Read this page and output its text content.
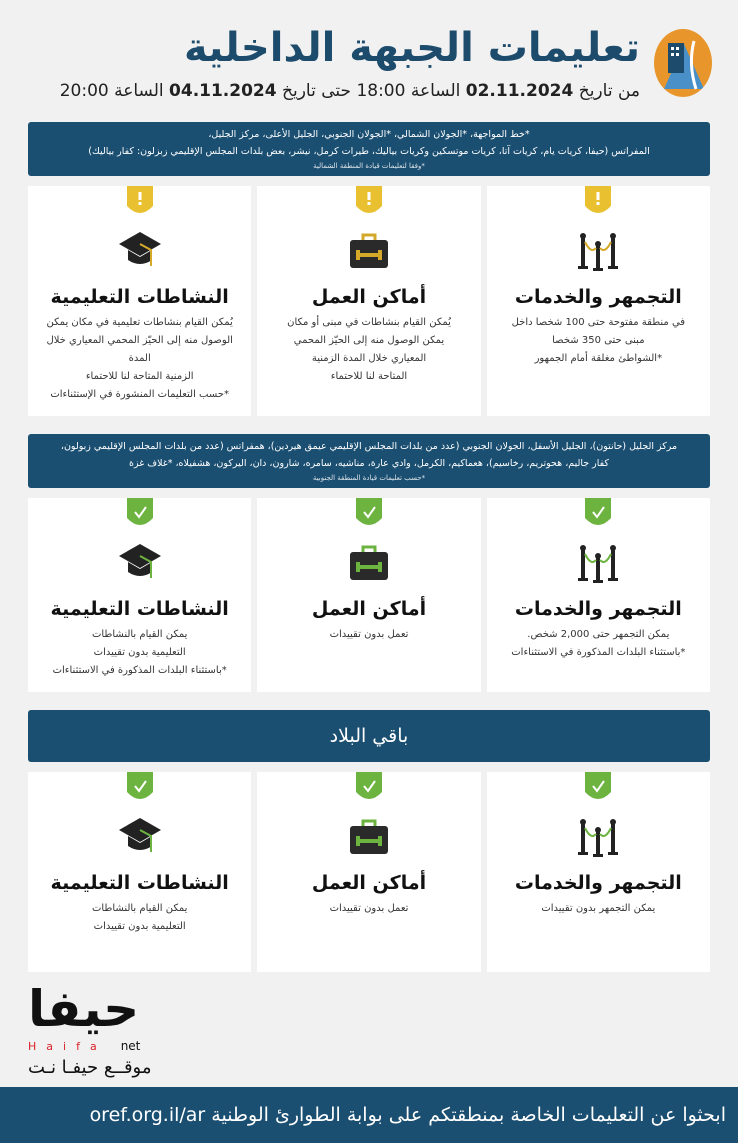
تعليمات الجبهة الداخلية
من تاريخ 02.11.2024 الساعة 18:00 حتى تاريخ 04.11.2024 الساعة 20:00
*خط المواجهة، *الجولان الشمالي، *الجولان الجنوبي، الجليل الأعلى، مركز الجليل،
المفراتس (حيفا، كريات يام، كريات آتا، كريات موتسكين وكريات بياليك، طيرات كرمل، نيشر، بعض بلدات المجلس الإقليمي زبزلون: كفار بياليك)
*وفقا لتعليمات قيادة المنطقة الشمالية
التجمهر والخدمات
في منطقة مفتوحة حتى 100 شخصا داخل
مبنى حتى 350 شخصا
*الشواطئ مغلقة أمام الجمهور
أماكن العمل
يُمكن القيام بنشاطات في مبنى أو مكان
يمكن الوصول منه إلى الحيّز المحمي
المعياري خلال المدة الزمنية
المتاحة لنا للاحتماء
النشاطات التعليمية
يُمكن القيام بنشاطات تعليمية في مكان يمكن
الوصول منه إلى الحيّز المحمي المعياري خلال المدة
الزمنية المتاحة لنا للاحتماء
*حسب التعليمات المنشورة في الإستثناءات
مركز الجليل (حانتون)، الجليل الأسفل، الجولان الجنوبي (عدد من بلدات المجلس الإقليمي عيمق هيردين)، همفراتس (عدد من بلدات المجلس الإقليمي زبولون،
كفار جاليم، هحوتريم، رخاسيم)، هعماكيم، الكرمل، وادي عارة، مناشيه، سامره، شارون، دان، اليركون، هشفيلاه، *غلاف غزة
*حسب تعليمات قيادة المنطقة الجنوبية
التجمهر والخدمات
يمكن التجمهر حتى 2,000 شخص.
*باستثناء البلدات المذكورة في الاستثناءات
أماكن العمل
تعمل بدون تقييدات
النشاطات التعليمية
يمكن القيام بالنشاطات
التعليمية بدون تقييدات
*باستثناء البلدات المذكورة في الاستثناءات
باقي البلاد
التجمهر والخدمات
يمكن التجمهر بدون تقييدات
أماكن العمل
تعمل بدون تقييدات
النشاطات التعليمية
يمكن القيام بالنشاطات
التعليمية بدون تقييدات
حيفا
Haifa net
موقــع حيفـا نـت
ابحثوا عن التعليمات الخاصة بمنطقتكم على بوابة الطوارئ الوطنية oref.org.il/ar
